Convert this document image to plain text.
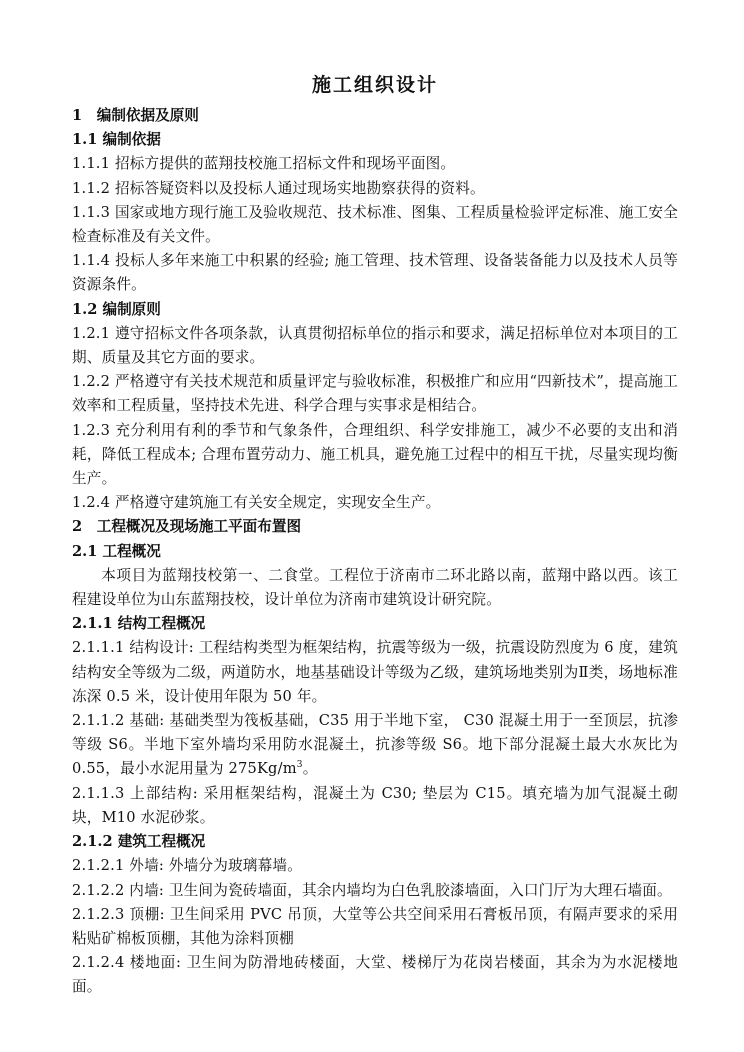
施工组织设计
1　编制依据及原则
1.1 编制依据

1.1.1 招标方提供的蓝翔技校施工招标文件和现场平面图。

1.1.2 招标答疑资料以及投标人通过现场实地勘察获得的资料。

1.1.3 国家或地方现行施工及验收规范、技术标准、图集、工程质量检验评定标准、施工安全检查标准及有关文件。

1.1.4 投标人多年来施工中积累的经验; 施工管理、技术管理、设备装备能力以及技术人员等资源条件。

1.2 编制原则

1.2.1 遵守招标文件各项条款，认真贯彻招标单位的指示和要求，满足招标单位对本项目的工期、质量及其它方面的要求。

1.2.2 严格遵守有关技术规范和质量评定与验收标准，积极推广和应用“四新技术”，提高施工效率和工程质量，坚持技术先进、科学合理与实事求是相结合。

1.2.3 充分利用有利的季节和气象条件，合理组织、科学安排施工，减少不必要的支出和消耗，降低工程成本; 合理布置劳动力、施工机具，避免施工过程中的相互干扰，尽量实现均衡生产。

1.2.4 严格遵守建筑施工有关安全规定，实现安全生产。

2　工程概况及现场施工平面布置图
2.1 工程概况

本项目为蓝翔技校第一、二食堂。工程位于济南市二环北路以南，蓝翔中路以西。该工程建设单位为山东蓝翔技校，设计单位为济南市建筑设计研究院。

2.1.1 结构工程概况

2.1.1.1 结构设计: 工程结构类型为框架结构，抗震等级为一级，抗震设防烈度为 6 度，建筑结构安全等级为二级，两道防水，地基基础设计等级为乙级，建筑场地类别为Ⅱ类，场地标准冻深 0.5 米，设计使用年限为 50 年。

2.1.1.2 基础: 基础类型为筏板基础，C35 用于半地下室， C30 混凝土用于一至顶层，抗渗等级 S6。半地下室外墙均采用防水混凝土，抗渗等级 S6。地下部分混凝土最大水灰比为 0.55，最小水泥用量为 $275Kg/m^3$。

2.1.1.3 上部结构: 采用框架结构，混凝土为 C30; 垫层为 C15。填充墙为加气混凝土砌块，M10 水泥砂浆。

2.1.2 建筑工程概况

2.1.2.1 外墙: 外墙分为玻璃幕墙。

2.1.2.2 内墙: 卫生间为瓷砖墙面，其余内墙均为白色乳胶漆墙面，入口门厅为大理石墙面。

2.1.2.3 顶棚: 卫生间采用 PVC 吊顶，大堂等公共空间采用石膏板吊顶，有隔声要求的采用粘贴矿棉板顶棚，其他为涂料顶棚

2.1.2.4 楼地面: 卫生间为防滑地砖楼面，大堂、楼梯厅为花岗岩楼面，其余为为水泥楼地面。
